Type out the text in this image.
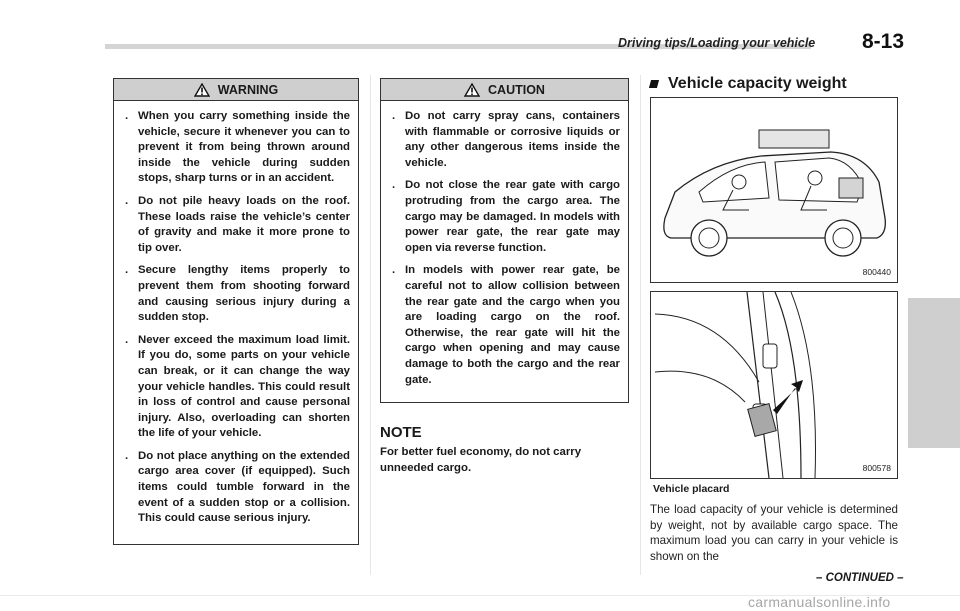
Driving tips/Loading your vehicle 8-13
WARNING
. When you carry something inside the vehicle, secure it whenever you can to prevent it from being thrown around inside the vehicle during sudden stops, sharp turns or in an accident.
. Do not pile heavy loads on the roof. These loads raise the vehicle’s center of gravity and make it more prone to tip over.
. Secure lengthy items properly to prevent them from shooting forward and causing serious injury during a sudden stop.
. Never exceed the maximum load limit. If you do, some parts on your vehicle can break, or it can change the way your vehicle handles. This could result in loss of control and cause personal injury. Also, overloading can shorten the life of your vehicle.
. Do not place anything on the extended cargo area cover (if equipped). Such items could tumble forward in the event of a sudden stop or a collision. This could cause serious injury.
CAUTION
. Do not carry spray cans, containers with flammable or corrosive liquids or any other dangerous items inside the vehicle.
. Do not close the rear gate with cargo protruding from the cargo area. The cargo may be damaged. In models with power rear gate, the rear gate may open via reverse function.
. In models with power rear gate, be careful not to allow collision between the rear gate and the cargo when you are loading cargo on the roof. Otherwise, the rear gate will hit the cargo when opening and may cause damage to both the cargo and the rear gate.
NOTE
For better fuel economy, do not carry unneeded cargo.
Vehicle capacity weight
800440
800578
Vehicle placard
The load capacity of your vehicle is determined by weight, not by available cargo space. The maximum load you can carry in your vehicle is shown on the
– CONTINUED –
carmanualsonline.info
